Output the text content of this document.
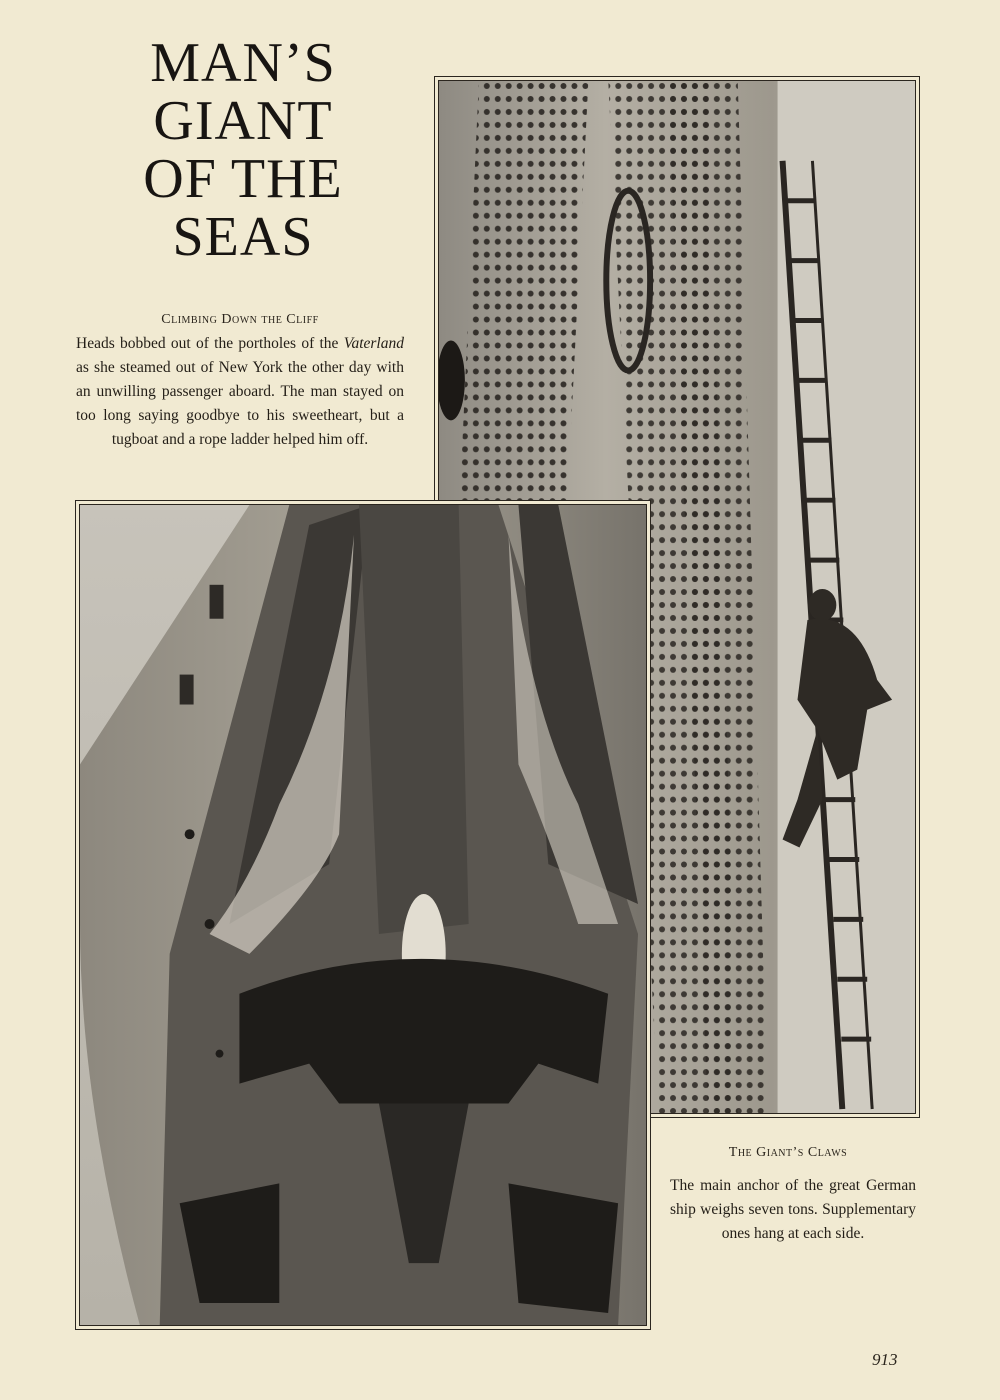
MAN’S
GIANT
OF THE
SEAS
Climbing Down the Cliff
Heads bobbed out of the portholes of the Vaterland as she steamed out of New York the other day with an unwilling passenger aboard. The man stayed on too long saying goodbye to his sweetheart, but a tugboat and a rope ladder helped him off.
The Giant’s Claws
The main anchor of the great German ship weighs seven tons. Supplementary ones hang at each side.
913
